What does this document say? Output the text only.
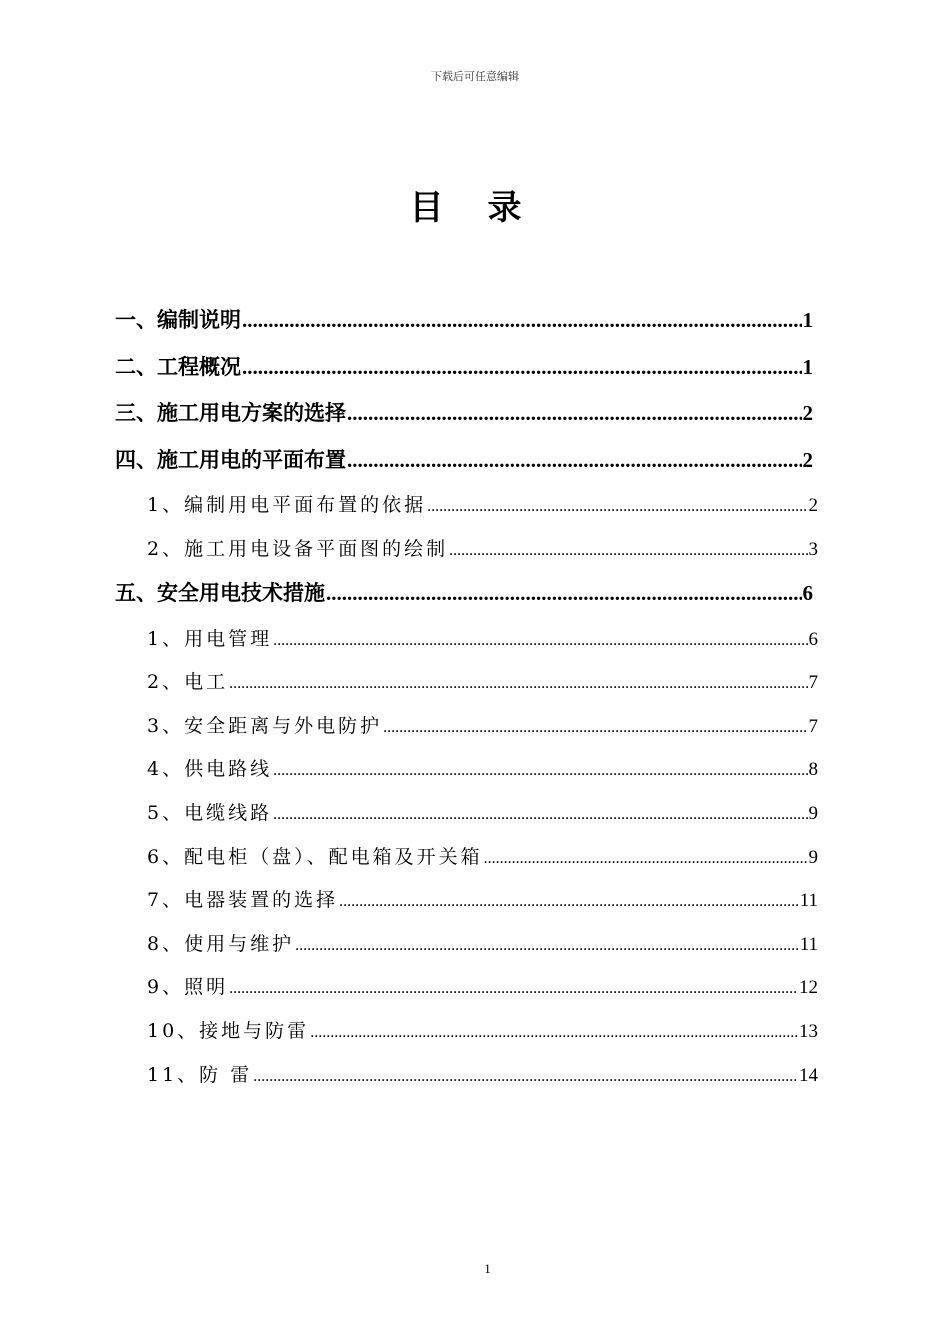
下载后可任意编辑
目录
一、编制说明 .....	1
二、工程概况 .....	1
三、施工用电方案的选择 .....	2
四、施工用电的平面布置 .....	2
1、编制用电平面布置的依据 .....	2
2、施工用电设备平面图的绘制 .....	3
五、安全用电技术措施 .....	6
1、用电管理 .....	6
2、电工 .....	7
3、安全距离与外电防护 .....	7
4、供电路线 .....	8
5、电缆线路 .....	9
6、配电柜（盘）、配电箱及开关箱 .....	9
7、电器装置的选择 .....	11
8、使用与维护 .....	11
9、照明 .....	12
10、接地与防雷 .....	13
11、防 雷 .....	14
1
